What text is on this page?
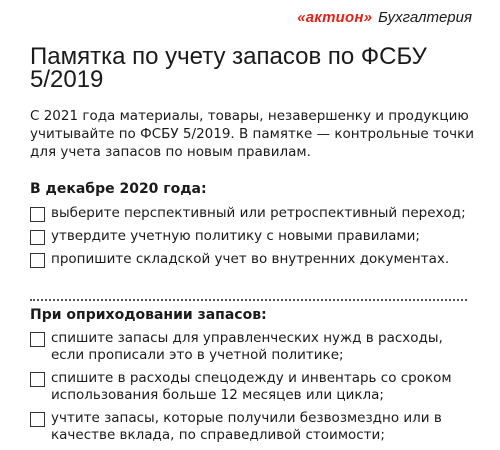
«актион» Бухгалтерия
Памятка по учету запасов по ФСБУ 5/2019

С 2021 года материалы, товары, незавершенку и продукцию учитывайте по ФСБУ 5/2019. В памятке — контрольные точки для учета запасов по новым правилам.

В декабре 2020 года:
выберите перспективный или ретроспективный переход;
утвердите учетную политику с новыми правилами;
пропишите складской учет во внутренних документах.
При оприходовании запасов:
спишите запасы для управленческих нужд в расходы, если прописали это в учетной политике;
спишите в расходы спецодежду и инвентарь со сроком использования больше 12 месяцев или цикла;
учтите запасы, которые получили безвозмездно или в качестве вклада, по справедливой стоимости;
